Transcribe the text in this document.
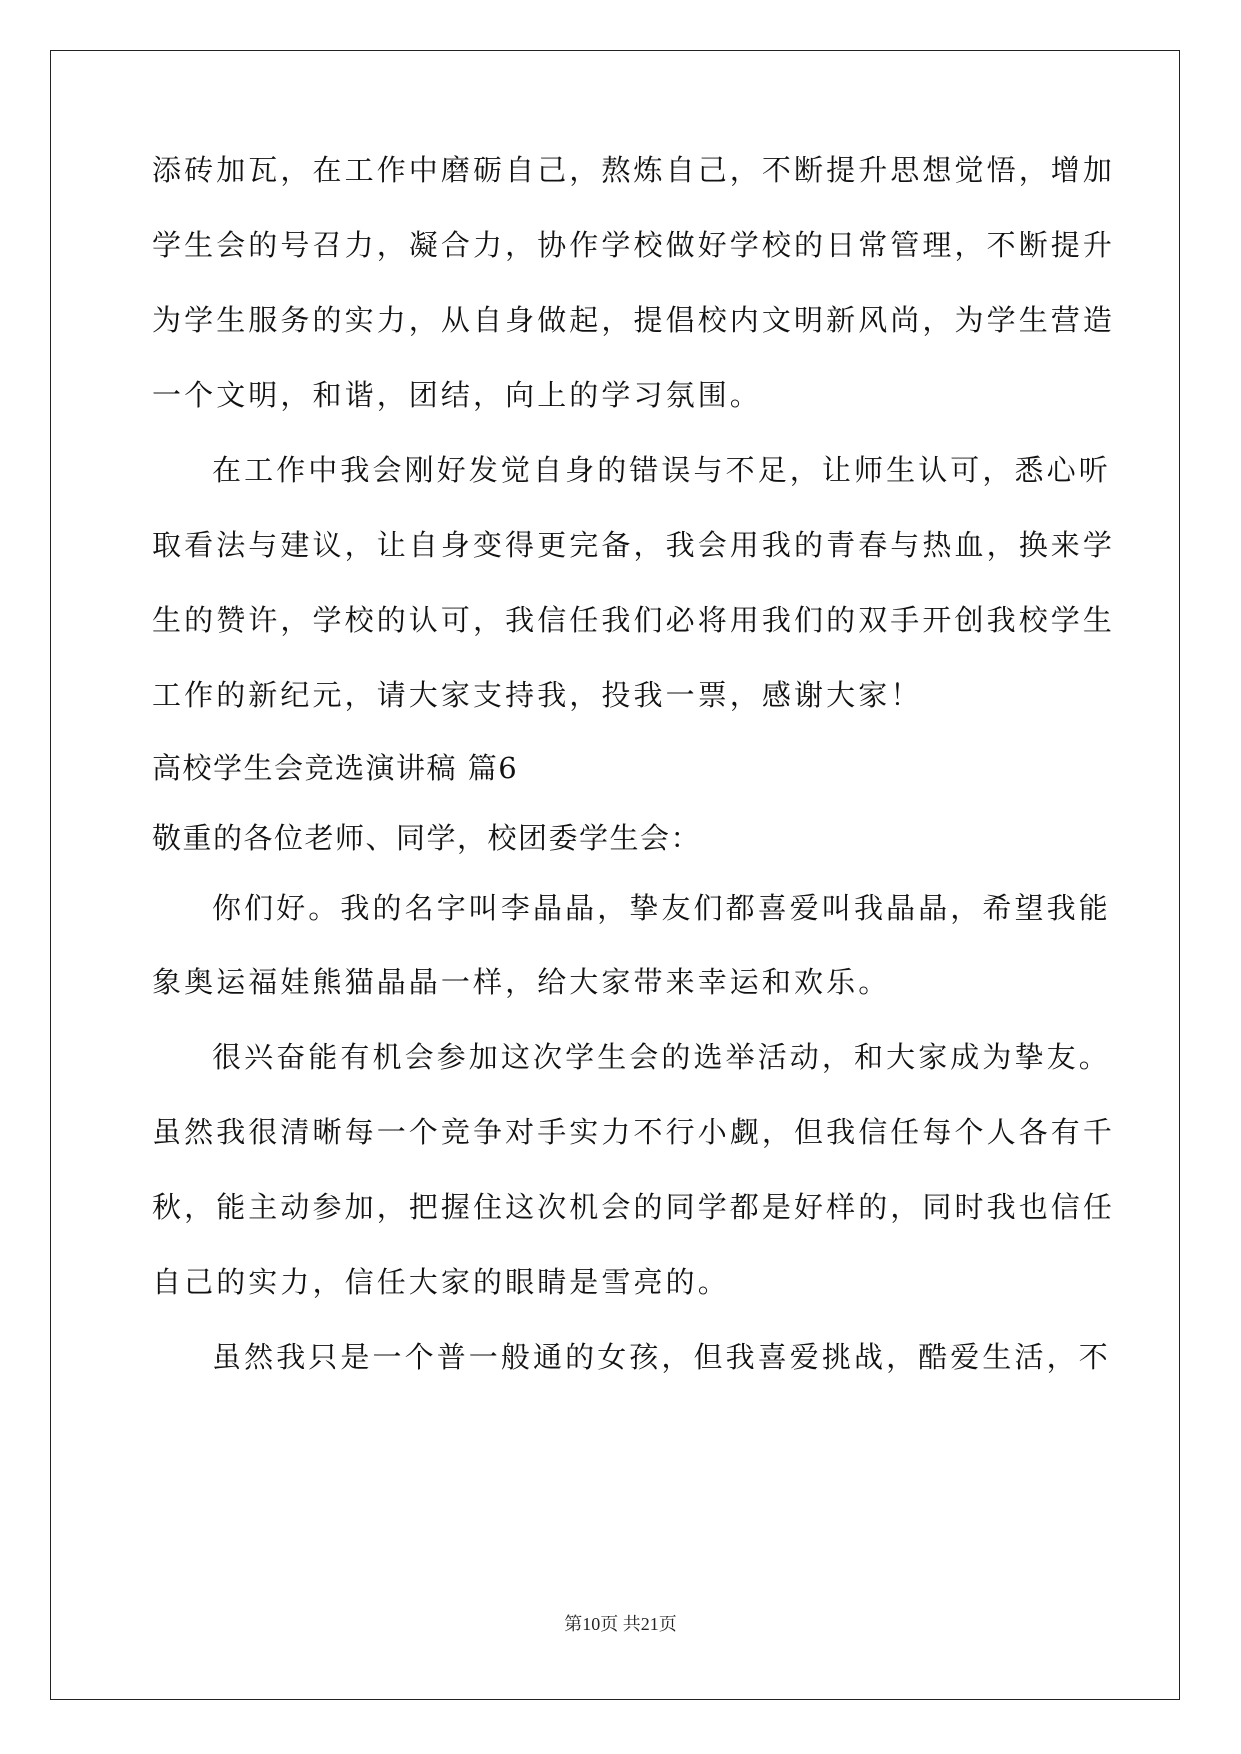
添砖加瓦，在工作中磨砺自己，熬炼自己，不断提升思想觉悟，增加

学生会的号召力，凝合力，协作学校做好学校的日常管理，不断提升

为学生服务的实力，从自身做起，提倡校内文明新风尚，为学生营造

一个文明，和谐，团结，向上的学习氛围。

在工作中我会刚好发觉自身的错误与不足，让师生认可，悉心听

取看法与建议，让自身变得更完备，我会用我的青春与热血，换来学

生的赞许，学校的认可，我信任我们必将用我们的双手开创我校学生

工作的新纪元，请大家支持我，投我一票，感谢大家！

高校学生会竞选演讲稿 篇6

敬重的各位老师、同学，校团委学生会：

你们好。我的名字叫李晶晶，挚友们都喜爱叫我晶晶，希望我能

象奥运福娃熊猫晶晶一样，给大家带来幸运和欢乐。

很兴奋能有机会参加这次学生会的选举活动，和大家成为挚友。

虽然我很清晰每一个竞争对手实力不行小觑，但我信任每个人各有千

秋，能主动参加，把握住这次机会的同学都是好样的，同时我也信任

自己的实力，信任大家的眼睛是雪亮的。

虽然我只是一个普一般通的女孩，但我喜爱挑战，酷爱生活，不

第10页 共21页
